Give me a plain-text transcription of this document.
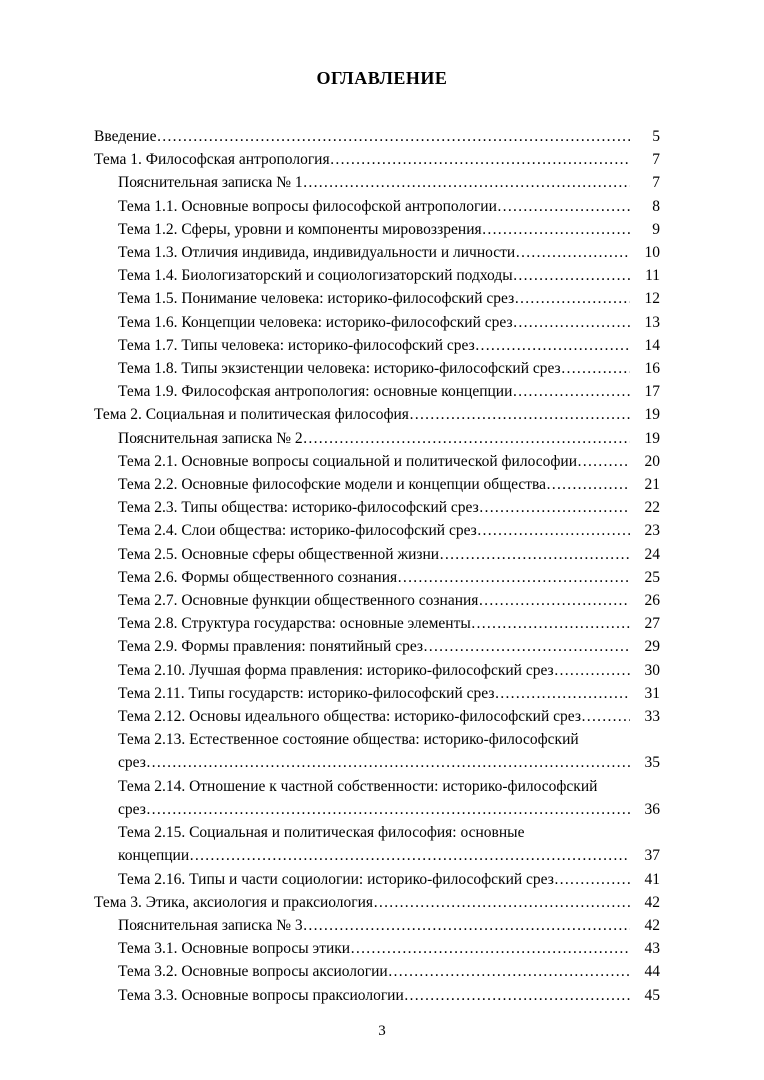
ОГЛАВЛЕНИЕ
Введение …………………………………………………………………………………………………………………………	5
Тема 1. Философская антропология …………………………………………………………………………………………………………………………	7
Пояснительная записка № 1 …………………………………………………………………………………………………………………………	7
Тема 1.1. Основные вопросы философской антропологии …………………………………………………………………………………………………………………………	8
Тема 1.2. Сферы, уровни и компоненты мировоззрения …………………………………………………………………………………………………………………………	9
Тема 1.3. Отличия индивида, индивидуальности и личности …………………………………………………………………………………………………………………………	10
Тема 1.4. Биологизаторский и социологизаторский подходы …………………………………………………………………………………………………………………………	11
Тема 1.5. Понимание человека: историко-философский срез …………………………………………………………………………………………………………………………	12
Тема 1.6. Концепции человека: историко-философский срез …………………………………………………………………………………………………………………………	13
Тема 1.7. Типы человека: историко-философский срез …………………………………………………………………………………………………………………………	14
Тема 1.8. Типы экзистенции человека: историко-философский срез …………………………………………………………………………………………………………………………	16
Тема 1.9. Философская антропология: основные концепции …………………………………………………………………………………………………………………………	17
Тема 2. Социальная и политическая философия …………………………………………………………………………………………………………………………	19
Пояснительная записка № 2 …………………………………………………………………………………………………………………………	19
Тема 2.1. Основные вопросы социальной и политической философии …………………………………………………………………………………………………………………………	20
Тема 2.2. Основные философские модели и концепции общества …………………………………………………………………………………………………………………………	21
Тема 2.3. Типы общества: историко-философский срез …………………………………………………………………………………………………………………………	22
Тема 2.4. Слои общества: историко-философский срез …………………………………………………………………………………………………………………………	23
Тема 2.5. Основные сферы общественной жизни …………………………………………………………………………………………………………………………	24
Тема 2.6. Формы общественного сознания …………………………………………………………………………………………………………………………	25
Тема 2.7. Основные функции общественного сознания …………………………………………………………………………………………………………………………	26
Тема 2.8. Структура государства: основные элементы …………………………………………………………………………………………………………………………	27
Тема 2.9. Формы правления: понятийный срез …………………………………………………………………………………………………………………………	29
Тема 2.10. Лучшая форма правления: историко-философский срез …………………………………………………………………………………………………………………………	30
Тема 2.11. Типы государств: историко-философский срез …………………………………………………………………………………………………………………………	31
Тема 2.12. Основы идеального общества: историко-философский срез …………………………………………………………………………………………………………………………	33
Тема 2.13. Естественное состояние общества: историко-философский
срез …………………………………………………………………………………………………………………………	35
Тема 2.14. Отношение к частной собственности: историко-философский
срез …………………………………………………………………………………………………………………………	36
Тема 2.15. Социальная и политическая философия: основные
концепции …………………………………………………………………………………………………………………………	37
Тема 2.16. Типы и части социологии: историко-философский срез …………………………………………………………………………………………………………………………	41
Тема 3. Этика, аксиология и праксиология …………………………………………………………………………………………………………………………	42
Пояснительная записка № 3 …………………………………………………………………………………………………………………………	42
Тема 3.1. Основные вопросы этики …………………………………………………………………………………………………………………………	43
Тема 3.2. Основные вопросы аксиологии …………………………………………………………………………………………………………………………	44
Тема 3.3. Основные вопросы праксиологии …………………………………………………………………………………………………………………………	45
3
